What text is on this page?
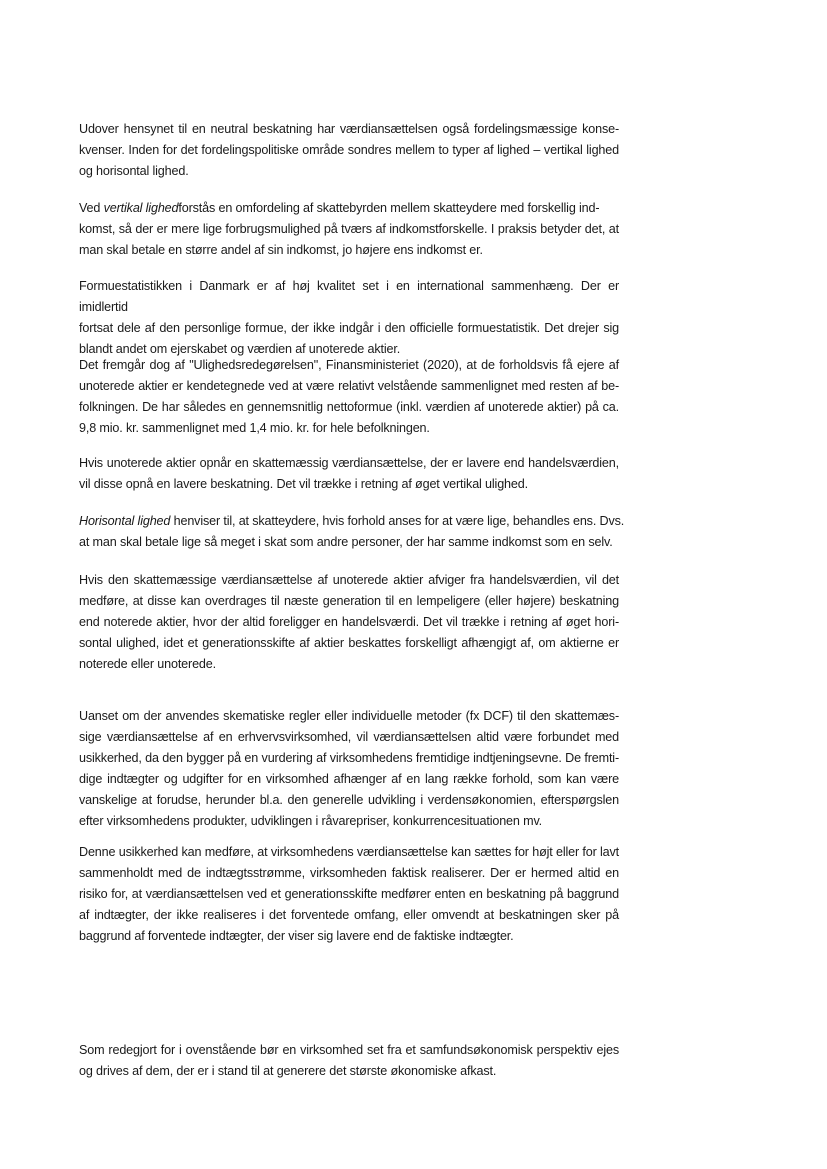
Udover hensynet til en neutral beskatning har værdiansættelsen også fordelingsmæssige konse-
kvenser. Inden for det fordelingspolitiske område sondres mellem to typer af lighed – vertikal lighed
og horisontal lighed.

Ved vertikal lighedforstås en omfordeling af skattebyrden mellem skatteydere med forskellig ind-
komst, så der er mere lige forbrugsmulighed på tværs af indkomstforskelle. I praksis betyder det, at
man skal betale en større andel af sin indkomst, jo højere ens indkomst er.

Formuestatistikken i Danmark er af høj kvalitet set i en international sammenhæng. Der er imidlertid
fortsat dele af den personlige formue, der ikke indgår i den officielle formuestatistik. Det drejer sig
blandt andet om ejerskabet og værdien af unoterede aktier.

Det fremgår dog af "Ulighedsredegørelsen", Finansministeriet (2020), at de forholdsvis få ejere af
unoterede aktier er kendetegnede ved at være relativt velstående sammenlignet med resten af be-
folkningen. De har således en gennemsnitlig nettoformue (inkl. værdien af unoterede aktier) på ca.
9,8 mio. kr. sammenlignet med 1,4 mio. kr. for hele befolkningen.

Hvis unoterede aktier opnår en skattemæssig værdiansættelse, der er lavere end handelsværdien,
vil disse opnå en lavere beskatning. Det vil trække i retning af øget vertikal ulighed.

Horisontal lighed henviser til, at skatteydere, hvis forhold anses for at være lige, behandles ens. Dvs.
at man skal betale lige så meget i skat som andre personer, der har samme indkomst som en selv.

Hvis den skattemæssige værdiansættelse af unoterede aktier afviger fra handelsværdien, vil det
medføre, at disse kan overdrages til næste generation til en lempeligere (eller højere) beskatning
end noterede aktier, hvor der altid foreligger en handelsværdi. Det vil trække i retning af øget hori-
sontal ulighed, idet et generationsskifte af aktier beskattes forskelligt afhængigt af, om aktierne er
noterede eller unoterede.

Uanset om der anvendes skematiske regler eller individuelle metoder (fx DCF) til den skattemæs-
sige værdiansættelse af en erhvervsvirksomhed, vil værdiansættelsen altid være forbundet med
usikkerhed, da den bygger på en vurdering af virksomhedens fremtidige indtjeningsevne. De fremti-
dige indtægter og udgifter for en virksomhed afhænger af en lang række forhold, som kan være
vanskelige at forudse, herunder bl.a. den generelle udvikling i verdensøkonomien, efterspørgslen
efter virksomhedens produkter, udviklingen i råvarepriser, konkurrencesituationen mv.

Denne usikkerhed kan medføre, at virksomhedens værdiansættelse kan sættes for højt eller for lavt
sammenholdt med de indtægtsstrømme, virksomheden faktisk realiserer. Der er hermed altid en
risiko for, at værdiansættelsen ved et generationsskifte medfører enten en beskatning på baggrund
af indtægter, der ikke realiseres i det forventede omfang, eller omvendt at beskatningen sker på
baggrund af forventede indtægter, der viser sig lavere end de faktiske indtægter.

Som redegjort for i ovenstående bør en virksomhed set fra et samfundsøkonomisk perspektiv ejes
og drives af dem, der er i stand til at generere det største økonomiske afkast.
